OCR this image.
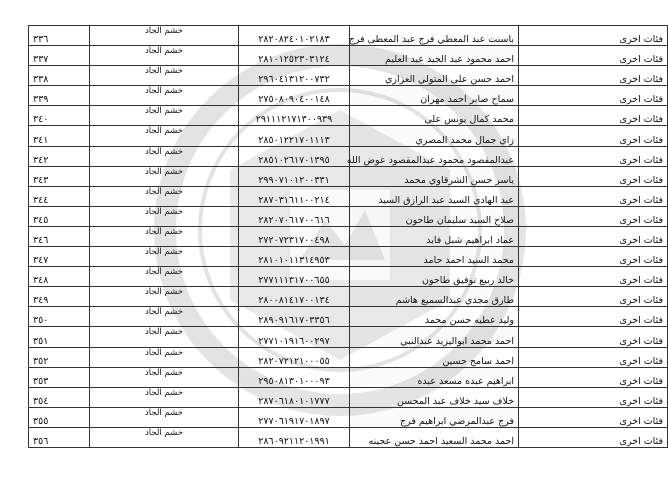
٣٣٦	خشم الجاد	٢٨٢٠٨٢٤٠١٠٢١٨٣	باسنت عبد المعطي فرج عبد المعطى فرج	فئات اخرى
٣٣٧	خشم الجاد	٢٨١٠١٢٥٢٣٠٣١٢٤	احمد محمود عبد الجيد عبد العليم	فئات اخرى
٣٣٨	خشم الجاد	٢٩٦٠٤١٣١٢٠٠٧٣٢	احمد حسن على المتولي العزازي	فئات اخرى
٣٣٩	خشم الجاد	٢٧٥٠٨٠٩٠٤٠٠١٤٨	سماح صابر احمد مهران	فئات اخرى
٣٤٠	خشم الجاد	٢٩١١١٢١٧١٣٠٠٩٣٩	محمد كمال يونس على	فئات اخرى
٣٤١	خشم الجاد	٢٨٥٠١٢٢١٧٠١١١٣	زاي جمال محمد المصري	فئات اخرى
٣٤٢	خشم الجاد	٢٨٥١٠٢٦١٧٠١٣٩٥	عبدالمقصود محمود عبدالمقصود عوض الله	فئات اخرى
٣٤٣	خشم الجاد	٢٩٩٠٧١٠١٢٠٠٣٣١	ياسر حسن الشرقاوي محمد	فئات اخرى
٣٤٤	خشم الجاد	٢٨٧٠٣١٦١١٠٠٢١٤	عبد الهادي السيد عبد الرازق السيد	فئات اخرى
٣٤٥	خشم الجاد	٢٨٢٠٧٠٦١٧٠٠٦١٦	صلاح السيد سليمان طاحون	فئات اخرى
٣٤٦	خشم الجاد	٢٧٢٠٧٢٣١٧٠٠٤٩٨	عماد ابراهيم شبل فايد	فئات اخرى
٣٤٧	خشم الجاد	٢٨١٠١٠١١٣١٤٩٥٣	محمد السيد احمد حامد	فئات اخرى
٣٤٨	خشم الجاد	٢٧٧١١١٣١٧٠٠٦٥٥	خالد ربيع توفيق طاحون	فئات اخرى
٣٤٩	خشم الجاد	٢٨٠٠٨١٤١٧٠٠١٣٤	طارق مجدي عبدالسميع هاشم	فئات اخرى
٣٥٠	خشم الجاد	٢٨٩٠٩١٦١٧٠٣٣٥٦	وليد عطيه حسن محمد	فئات اخرى
٣٥١	خشم الجاد	٢٧٧١٠١٩١٦٠٠٢٩٧	احمد محمد ابواليزيد عبدالنبي	فئات اخرى
٣٥٢	خشم الجاد	٢٨٢٠٧٢١٢١٠٠٠٥٥	احمد سامح حسين	فئات اخرى
٣٥٣	خشم الجاد	٢٩٥٠٨١٣٠١٠٠٠٩٣	ابراهيم عبده مسعد عبده	فئات اخرى
٣٥٤	خشم الجاد	٢٨٧٠٦١٨٠١٠١٧٧٧	خلاف سيد خلاف عبد المحسن	فئات اخرى
٣٥٥	خشم الجاد	٢٧٧٠٦١٩١٧٠١٨٩٧	فرج عبدالمرضي ابراهيم فرج	فئات اخرى
٣٥٦	خشم الجاد	٢٨٦٠٩٢١١٢٠١٩٩١	احمد محمد السعيد احمد حسن عجينه	فئات اخرى
